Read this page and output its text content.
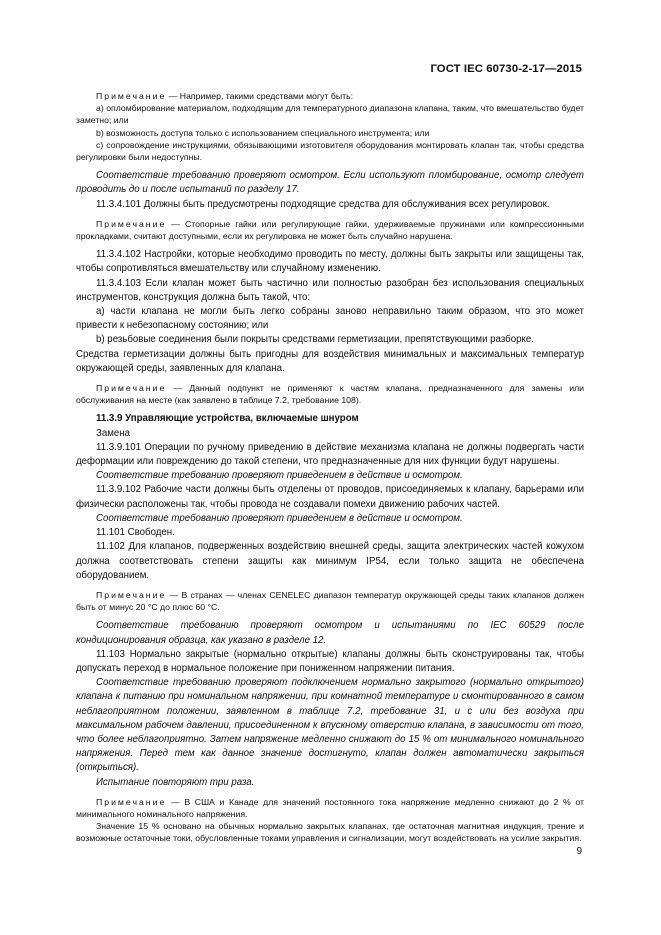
ГОСТ IEC 60730-2-17—2015

Примечание — Например, такими средствами могут быть:

a) опломбирование материалом, подходящим для температурного диапазона клапана, таким, что вмешательство будет заметно; или

b) возможность доступа только с использованием специального инструмента; или

c) сопровождение инструкциями, обязывающими изготовителя оборудования монтировать клапан так, чтобы средства регулировки были недоступны.

Соответствие требованию проверяют осмотром. Если используют пломбирование, осмотр следует проводить до и после испытаний по разделу 17.

11.3.4.101 Должны быть предусмотрены подходящие средства для обслуживания всех регулировок.

Примечание — Стопорные гайки или регулирующие гайки, удерживаемые пружинами или компрессионными прокладками, считают доступными, если их регулировка не может быть случайно нарушена.

11.3.4.102 Настройки, которые необходимо проводить по месту, должны быть закрыты или защищены так, чтобы сопротивляться вмешательству или случайному изменению.

11.3.4.103 Если клапан может быть частично или полностью разобран без использования специальных инструментов, конструкция должна быть такой, что:

a) части клапана не могли быть легко собраны заново неправильно таким образом, что это может привести к небезопасному состоянию; или

b) резьбовые соединения были покрыты средствами герметизации, препятствующими разборке.

Средства герметизации должны быть пригодны для воздействия минимальных и максимальных температур окружающей среды, заявленных для клапана.

Примечание — Данный подпункт не применяют к частям клапана, предназначенного для замены или обслуживания на месте (как заявлено в таблице 7.2, требование 108).

11.3.9 Управляющие устройства, включаемые шнуром

Замена

11.3.9.101 Операции по ручному приведению в действие механизма клапана не должны подвергать части деформации или повреждению до такой степени, что предназначенные для них функции будут нарушены.

Соответствие требованию проверяют приведением в действие и осмотром.

11.3.9.102 Рабочие части должны быть отделены от проводов, присоединяемых к клапану, барьерами или физически расположены так, чтобы провода не создавали помехи движению рабочих частей.

Соответствие требованию проверяют приведением в действие и осмотром.

11.101 Свободен.

11.102 Для клапанов, подверженных воздействию внешней среды, защита электрических частей кожухом должна соответствовать степени защиты как минимум IP54, если только защита не обеспечена оборудованием.

Примечание — В странах — членах CENELEC диапазон температур окружающей среды таких клапанов должен быть от минус 20 °C до плюс 60 °C.

Соответствие требованию проверяют осмотром и испытаниями по IEC 60529 после кондиционирования образца, как указано в разделе 12.

11.103 Нормально закрытые (нормально открытые) клапаны должны быть сконструированы так, чтобы допускать переход в нормальное положение при пониженном напряжении питания.

Соответствие требованию проверяют подключением нормально закрытого (нормально открытого) клапана к питанию при номинальном напряжении, при комнатной температуре и смонтированного в самом неблагоприятном положении, заявленном в таблице 7.2, требование 31, и с или без воздуха при максимальном рабочем давлении, присоединенном к впускному отверстию клапана, в зависимости от того, что более неблагоприятно. Затем напряжение медленно снижают до 15 % от минимального номинального напряжения. Перед тем как данное значение достигнуто, клапан должен автоматически закрыться (открыться).

Испытание повторяют три раза.

Примечание — В США и Канаде для значений постоянного тока напряжение медленно снижают до 2 % от минимального номинального напряжения.

Значение 15 % основано на обычных нормально закрытых клапанах, где остаточная магнитная индукция, трение и возможные остаточные токи, обусловленные токами управления и сигнализации, могут воздействовать на усилие закрытия.

9
